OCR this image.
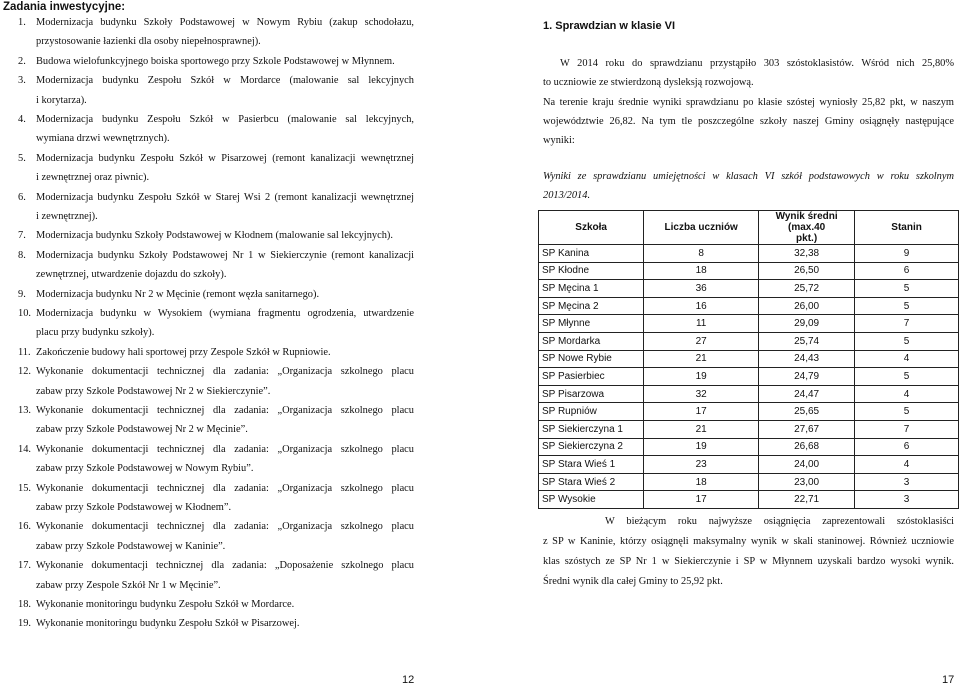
Zadania inwestycyjne:
1. Modernizacja budynku Szkoły Podstawowej w Nowym Rybiu (zakup schodołazu,
przystosowanie łazienki dla osoby niepełnosprawnej).
2. Budowa wielofunkcyjnego boiska sportowego przy Szkole Podstawowej w Młynnem.
3. Modernizacja budynku Zespołu Szkół w Mordarce (malowanie sal lekcyjnych
i korytarza).
4. Modernizacja budynku Zespołu Szkół w Pasierbcu (malowanie sal lekcyjnych,
wymiana drzwi wewnętrznych).
5. Modernizacja budynku Zespołu Szkół w Pisarzowej (remont kanalizacji wewnętrznej
i zewnętrznej oraz piwnic).
6. Modernizacja budynku Zespołu Szkół w Starej Wsi 2 (remont kanalizacji wewnętrznej
i zewnętrznej).
7. Modernizacja budynku Szkoły Podstawowej w Kłodnem (malowanie sal lekcyjnych).
8. Modernizacja budynku Szkoły Podstawowej Nr 1 w Siekierczynie (remont kanalizacji
zewnętrznej, utwardzenie dojazdu do szkoły).
9. Modernizacja budynku Nr 2 w Męcinie (remont węzła sanitarnego).
10. Modernizacja budynku w Wysokiem (wymiana fragmentu ogrodzenia, utwardzenie
placu przy budynku szkoły).
11. Zakończenie budowy hali sportowej przy Zespole Szkół w Rupniowie.
12. Wykonanie dokumentacji technicznej dla zadania: „Organizacja szkolnego placu
zabaw przy Szkole Podstawowej Nr 2 w Siekierczynie”.
13. Wykonanie dokumentacji technicznej dla zadania: „Organizacja szkolnego placu
zabaw przy Szkole Podstawowej Nr 2 w Męcinie”.
14. Wykonanie dokumentacji technicznej dla zadania: „Organizacja szkolnego placu
zabaw przy Szkole Podstawowej w Nowym Rybiu”.
15. Wykonanie dokumentacji technicznej dla zadania: „Organizacja szkolnego placu
zabaw przy Szkole Podstawowej w Kłodnem”.
16. Wykonanie dokumentacji technicznej dla zadania: „Organizacja szkolnego placu
zabaw przy Szkole Podstawowej w Kaninie”.
17. Wykonanie dokumentacji technicznej dla zadania: „Doposażenie szkolnego placu
zabaw przy Zespole Szkół Nr 1 w Męcinie”.
18. Wykonanie monitoringu budynku Zespołu Szkół w Mordarce.
19. Wykonanie monitoringu budynku Zespołu Szkół w Pisarzowej.
12
1. Sprawdzian w klasie VI
W 2014 roku do sprawdzianu przystąpiło 303 szóstoklasistów. Wśród nich 25,80%
to uczniowie ze stwierdzoną dysleksją rozwojową.
Na terenie kraju średnie wyniki sprawdzianu po klasie szóstej wyniosły 25,82 pkt, w naszym
województwie 26,82. Na tym tle poszczególne szkoły naszej Gminy osiągnęły następujące
wyniki:
Wyniki ze sprawdzianu umiejętności w klasach VI szkół podstawowych w roku szkolnym
2013/2014.
Szkoła	Liczba uczniów	Wynik średni (max.40
pkt.)	Stanin
SP Kanina	8	32,38	9
SP Kłodne	18	26,50	6
SP Męcina 1	36	25,72	5
SP Męcina 2	16	26,00	5
SP Młynne	11	29,09	7
SP Mordarka	27	25,74	5
SP Nowe Rybie	21	24,43	4
SP Pasierbiec	19	24,79	5
SP Pisarzowa	32	24,47	4
SP Rupniów	17	25,65	5
SP Siekierczyna 1	21	27,67	7
SP Siekierczyna 2	19	26,68	6
SP Stara Wieś 1	23	24,00	4
SP Stara Wieś 2	18	23,00	3
SP Wysokie	17	22,71	3
W bieżącym roku najwyższe osiągnięcia zaprezentowali szóstoklasiści
z SP w Kaninie, którzy osiągnęli maksymalny wynik w skali staninowej. Również uczniowie
klas szóstych ze SP Nr 1 w Siekierczynie i SP w Młynnem uzyskali bardzo wysoki wynik.
Średni wynik dla całej Gminy to 25,92 pkt.
17
